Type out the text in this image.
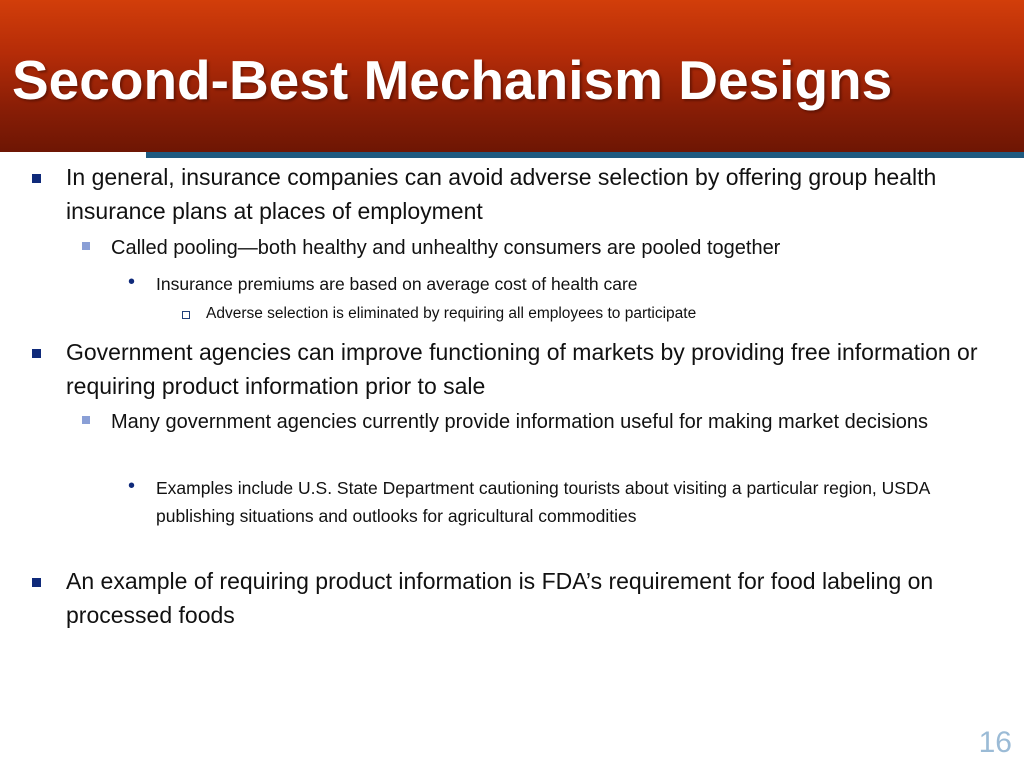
Second-Best Mechanism Designs
In general, insurance companies can avoid adverse selection by offering group health insurance plans at places of employment
Called pooling—both healthy and unhealthy consumers are pooled together
• Insurance premiums are based on average cost of health care
Adverse selection is eliminated by requiring all employees to participate
Government agencies can improve functioning of markets by providing free information or requiring product information prior to sale
Many government agencies currently provide information useful for making market decisions
• Examples include U.S. State Department cautioning tourists about visiting a particular region, USDA publishing situations and outlooks for agricultural commodities
An example of requiring product information is FDA’s requirement for food labeling on processed foods
16
